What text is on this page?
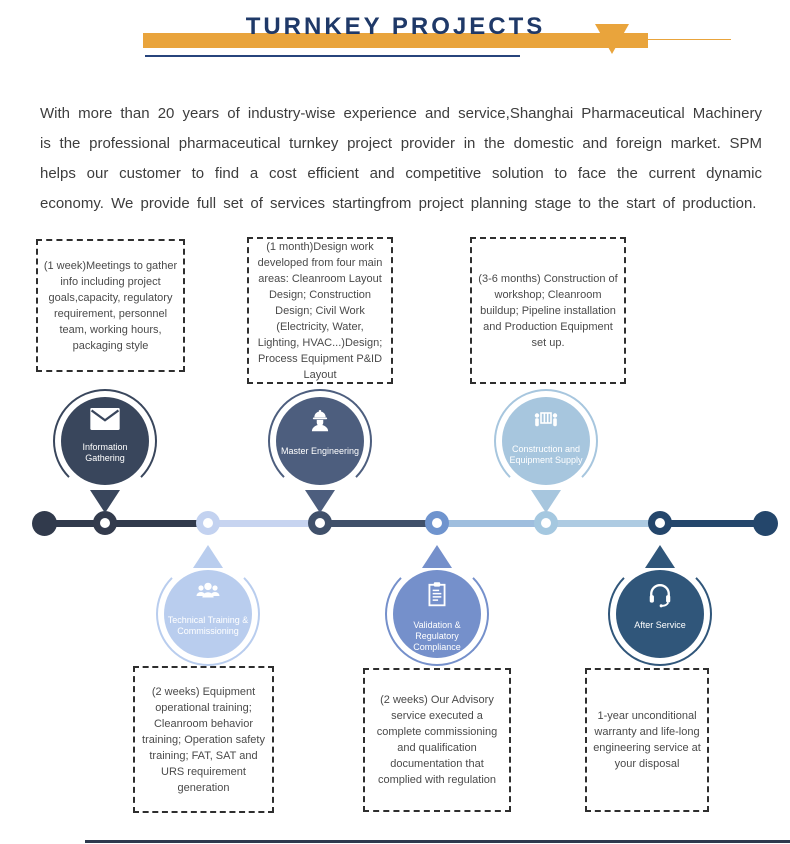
TURNKEY PROJECTS

With more than 20 years of industry-wise experience and service,Shanghai Pharmaceutical Machinery is the professional pharmaceutical turnkey project provider in the domestic and foreign market. SPM helps our customer to find a cost efficient and competitive solution to face the current dynamic economy. We provide full set of services startingfrom project planning stage to the start of production.

(1 week)Meetings to gather info including project goals,capacity, regulatory requirement, personnel team, working hours, packaging style
(1 month)Design work developed from four main areas: Cleanroom Layout Design; Construction Design; Civil Work (Electricity, Water, Lighting, HVAC...)Design; Process Equipment P&ID Layout
(3-6 months) Construction of workshop; Cleanroom buildup; Pipeline installation and Production Equipment set up.
(2 weeks) Equipment operational training; Cleanroom behavior training; Operation safety training; FAT, SAT and URS requirement generation
(2 weeks) Our Advisory service executed a complete commissioning and qualification documentation that complied with regulation
1-year unconditional warranty and life-long engineering service at your disposal
Information Gathering
Master Engineering	Construction and Equipment Supply
Technical Training & Commissioning
Validation & Regulatory Compliance
After Service
